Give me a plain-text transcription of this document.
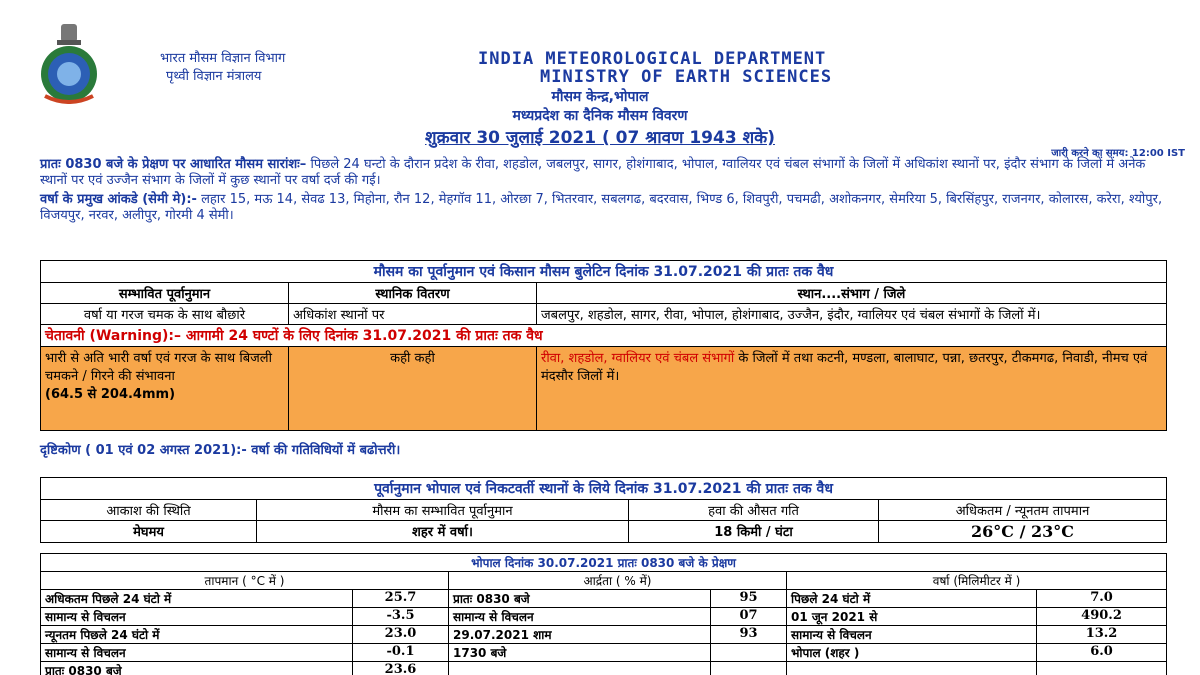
भारत मौसम विज्ञान विभाग
पृथ्वी विज्ञान मंत्रालय
INDIA METEOROLOGICAL DEPARTMENT
MINISTRY OF EARTH SCIENCES
मौसम केन्द्र,भोपाल
मध्यप्रदेश का दैनिक मौसम विवरण
शुक्रवार 30 जुलाई 2021 ( 07 श्रावण 1943 शके)
जारी करने का समय: 12:00 IST
प्रातः 0830 बजे के प्रेक्षण पर आधारित मौसम सारांशः– पिछले 24 घन्टो के दौरान प्रदेश के रीवा, शहडोल, जबलपुर, सागर, होशंगाबाद, भोपाल, ग्वालियर एवं चंबल संभागों के जिलों में अधिकांश स्थानों पर, इंदौर संभाग के जिलों में अनेक स्थानों पर एवं उज्जैन संभाग के जिलों में कुछ स्थानों पर वर्षा दर्ज की गई।
वर्षा के प्रमुख आंकडे (सेमी मे):- लहार 15, मऊ 14, सेवढ 13, मिहोना, रौन 12, मेहगॉव 11, ओरछा 7, भितरवार, सबलगढ, बदरवास, भिण्ड 6, शिवपुरी, पचमढी, अशोकनगर, सेमरिया 5, बिरसिंहपुर, राजनगर, कोलारस, करेरा, श्योपुर, विजयपुर, नरवर, अलीपुर, गोरमी 4 सेमी।
मौसम का पूर्वानुमान एवं किसान मौसम बुलेटिन दिनांक 31.07.2021 की प्रातः तक वैध		
सम्भावित पूर्वानुमान	स्थानिक वितरण	स्थान....संभाग / जिले
वर्षा या गरज चमक के साथ बौछारे	अधिकांश स्थानों पर	जबलपुर, शहडोल, सागर, रीवा, भोपाल, होशंगाबाद, उज्जैन, इंदौर, ग्वालियर एवं चंबल संभागों के जिलों में।
चेतावनी (Warning):– आगामी 24 घण्टों के लिए दिनांक 31.07.2021 की प्रातः तक वैध		
भारी से अति भारी वर्षा एवं गरज के साथ बिजली चमकने / गिरने की संभावना
(64.5 से 204.4mm)	कही कही	रीवा, शहडोल, ग्वालियर एवं चंबल संभागों के जिलों में तथा कटनी, मण्डला, बालाघाट, पन्ना, छतरपुर, टीकमगढ, निवाडी, नीमच एवं मंदसौर जिलों में।
दृष्टिकोण ( 01 एवं 02 अगस्त 2021):- वर्षा की गतिविधियों में बढोत्तरी।
पूर्वानुमान भोपाल एवं निकटवर्ती स्थानों के लिये दिनांक 31.07.2021 की प्रातः तक वैध			
आकाश की स्थिति	मौसम का सम्भावित पूर्वानुमान	हवा की औसत गति	अधिकतम / न्यूनतम तापमान
मेघमय	शहर में वर्षा।	18 किमी / घंटा	26°C / 23°C
भोपाल दिनांक 30.07.2021 प्रातः 0830 बजे के प्रेक्षण					
तापमान ( °C में )		आर्द्रता ( % में)		वर्षा (मिलिमीटर में )	
अधिकतम पिछले 24 घंटो में	25.7	प्रातः 0830 बजे	95	पिछले 24 घंटो में	7.0
सामान्य से विचलन	-3.5	सामान्य से विचलन	07	01 जून 2021 से	490.2
न्यूनतम पिछले 24 घंटो में	23.0	29.07.2021 शाम	93	सामान्य से विचलन	13.2
सामान्य से विचलन	-0.1	1730 बजे		भोपाल (शहर )	6.0
प्रातः 0830 बजे	23.6				
